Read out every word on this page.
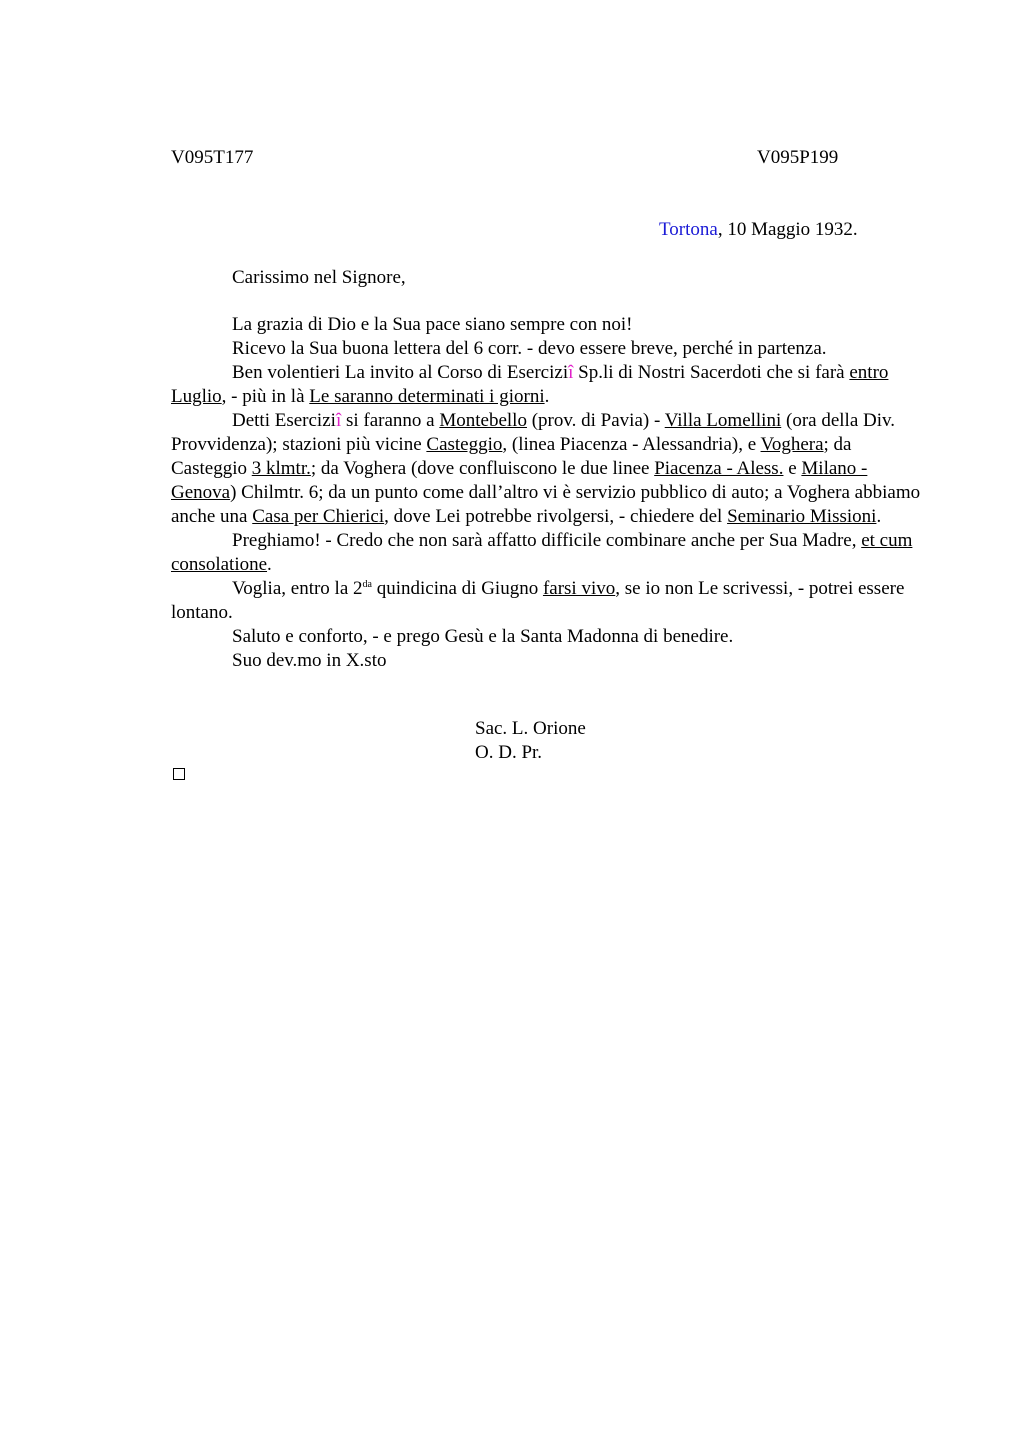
V095T177	V095P199
Tortona, 10 Maggio 1932.
Carissimo nel Signore,

La grazia di Dio e la Sua pace siano sempre con noi!

Ricevo la Sua buona lettera del 6 corr. - devo essere breve, perché in partenza.

Ben volentieri La invito al Corso di Eserciziî Sp.li di Nostri Sacerdoti che si farà entro Luglio, - più in là Le saranno determinati i giorni.

Detti Eserciziî si faranno a Montebello (prov. di Pavia) - Villa Lomellini (ora della Div. Provvidenza); stazioni più vicine Casteggio, (linea Piacenza - Alessandria), e Voghera; da Casteggio 3 klmtr.; da Voghera (dove confluiscono le due linee Piacenza - Aless. e Milano - Genova) Chilmtr. 6; da un punto come dall’altro vi è servizio pubblico di auto; a Voghera abbiamo anche una Casa per Chierici, dove Lei potrebbe rivolgersi, - chiedere del Seminario Missioni.

Preghiamo! - Credo che non sarà affatto difficile combinare anche per Sua Madre, et cum consolatione.

Voglia, entro la $2^{da}$ quindicina di Giugno farsi vivo, se io non Le scrivessi, - potrei essere lontano.

Saluto e conforto, - e prego Gesù e la Santa Madonna di benedire.

Suo dev.mo in X.sto

Sac. L. Orione
O. D. Pr.
